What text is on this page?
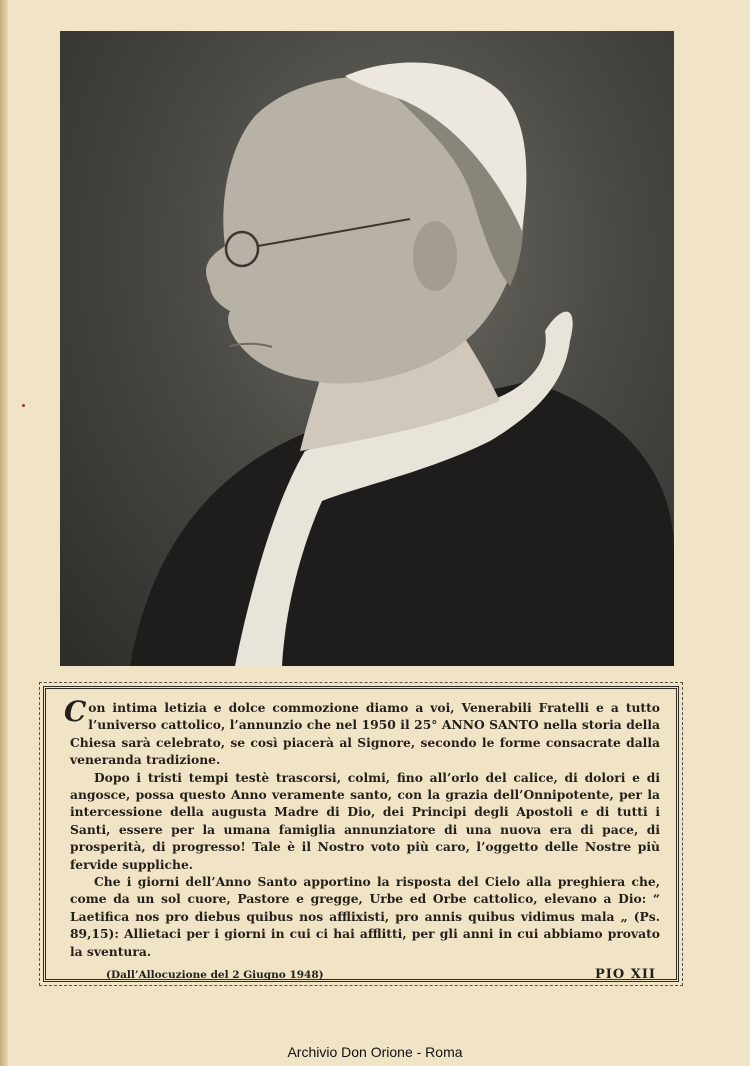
Con intima letizia e dolce commozione diamo a voi, Venerabili Fratelli e a tutto l’universo cattolico, l’annunzio che nel 1950 il 25° ANNO SANTO nella storia della Chiesa sarà celebrato, se così piacerà al Signore, secondo le forme consacrate dalla veneranda tradizione.

Dopo i tristi tempi testè trascorsi, colmi, fino all’orlo del calice, di dolori e di angosce, possa questo Anno veramente santo, con la grazia dell’Onnipotente, per la intercessione della augusta Madre di Dio, dei Principi degli Apostoli e di tutti i Santi, essere per la umana famiglia annunziatore di una nuova era di pace, di prosperità, di progresso! Tale è il Nostro voto più caro, l’oggetto delle Nostre più fervide suppliche.

Che i giorni dell’Anno Santo apportino la risposta del Cielo alla preghiera che, come da un sol cuore, Pastore e gregge, Urbe ed Orbe cattolico, elevano a Dio: “ Laetifica nos pro diebus quibus nos afflixisti, pro annis quibus vidimus mala „ (Ps. 89,15): Allietaci per i giorni in cui ci hai afflitti, per gli anni in cui abbiamo provato la sventura.

(Dall’Allocuzione del 2 Giugno 1948)	PIO XII
Archivio Don Orione - Roma
